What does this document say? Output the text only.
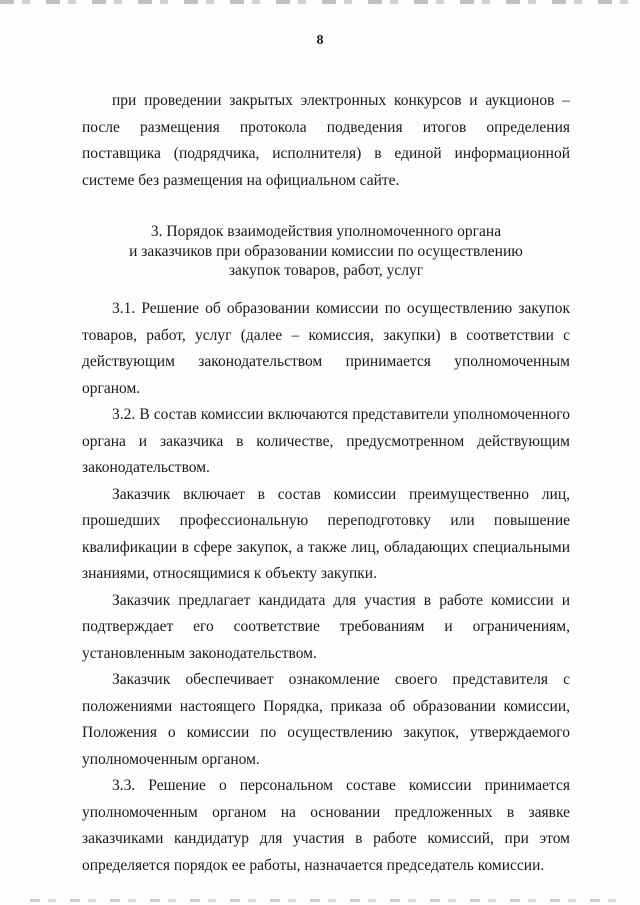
8

при проведении закрытых электронных конкурсов и аукционов – после размещения протокола подведения итогов определения поставщика (подрядчика, исполнителя) в единой информационной системе без размещения на официальном сайте.

3. Порядок взаимодействия уполномоченного органа
и заказчиков при образовании комиссии по осуществлению
закупок товаров, работ, услуг

3.1. Решение об образовании комиссии по осуществлению закупок товаров, работ, услуг (далее – комиссия, закупки) в соответствии с действующим законодательством принимается уполномоченным органом.

3.2. В состав комиссии включаются представители уполномоченного органа и заказчика в количестве, предусмотренном действующим законодательством.

Заказчик включает в состав комиссии преимущественно лиц, прошедших профессиональную переподготовку или повышение квалификации в сфере закупок, а также лиц, обладающих специальными знаниями, относящимися к объекту закупки.

Заказчик предлагает кандидата для участия в работе комиссии и подтверждает его соответствие требованиям и ограничениям, установленным законодательством.

Заказчик обеспечивает ознакомление своего представителя с положениями настоящего Порядка, приказа об образовании комиссии, Положения о комиссии по осуществлению закупок, утверждаемого уполномоченным органом.

3.3. Решение о персональном составе комиссии принимается уполномоченным органом на основании предложенных в заявке заказчиками кандидатур для участия в работе комиссий, при этом определяется порядок ее работы, назначается председатель комиссии.
